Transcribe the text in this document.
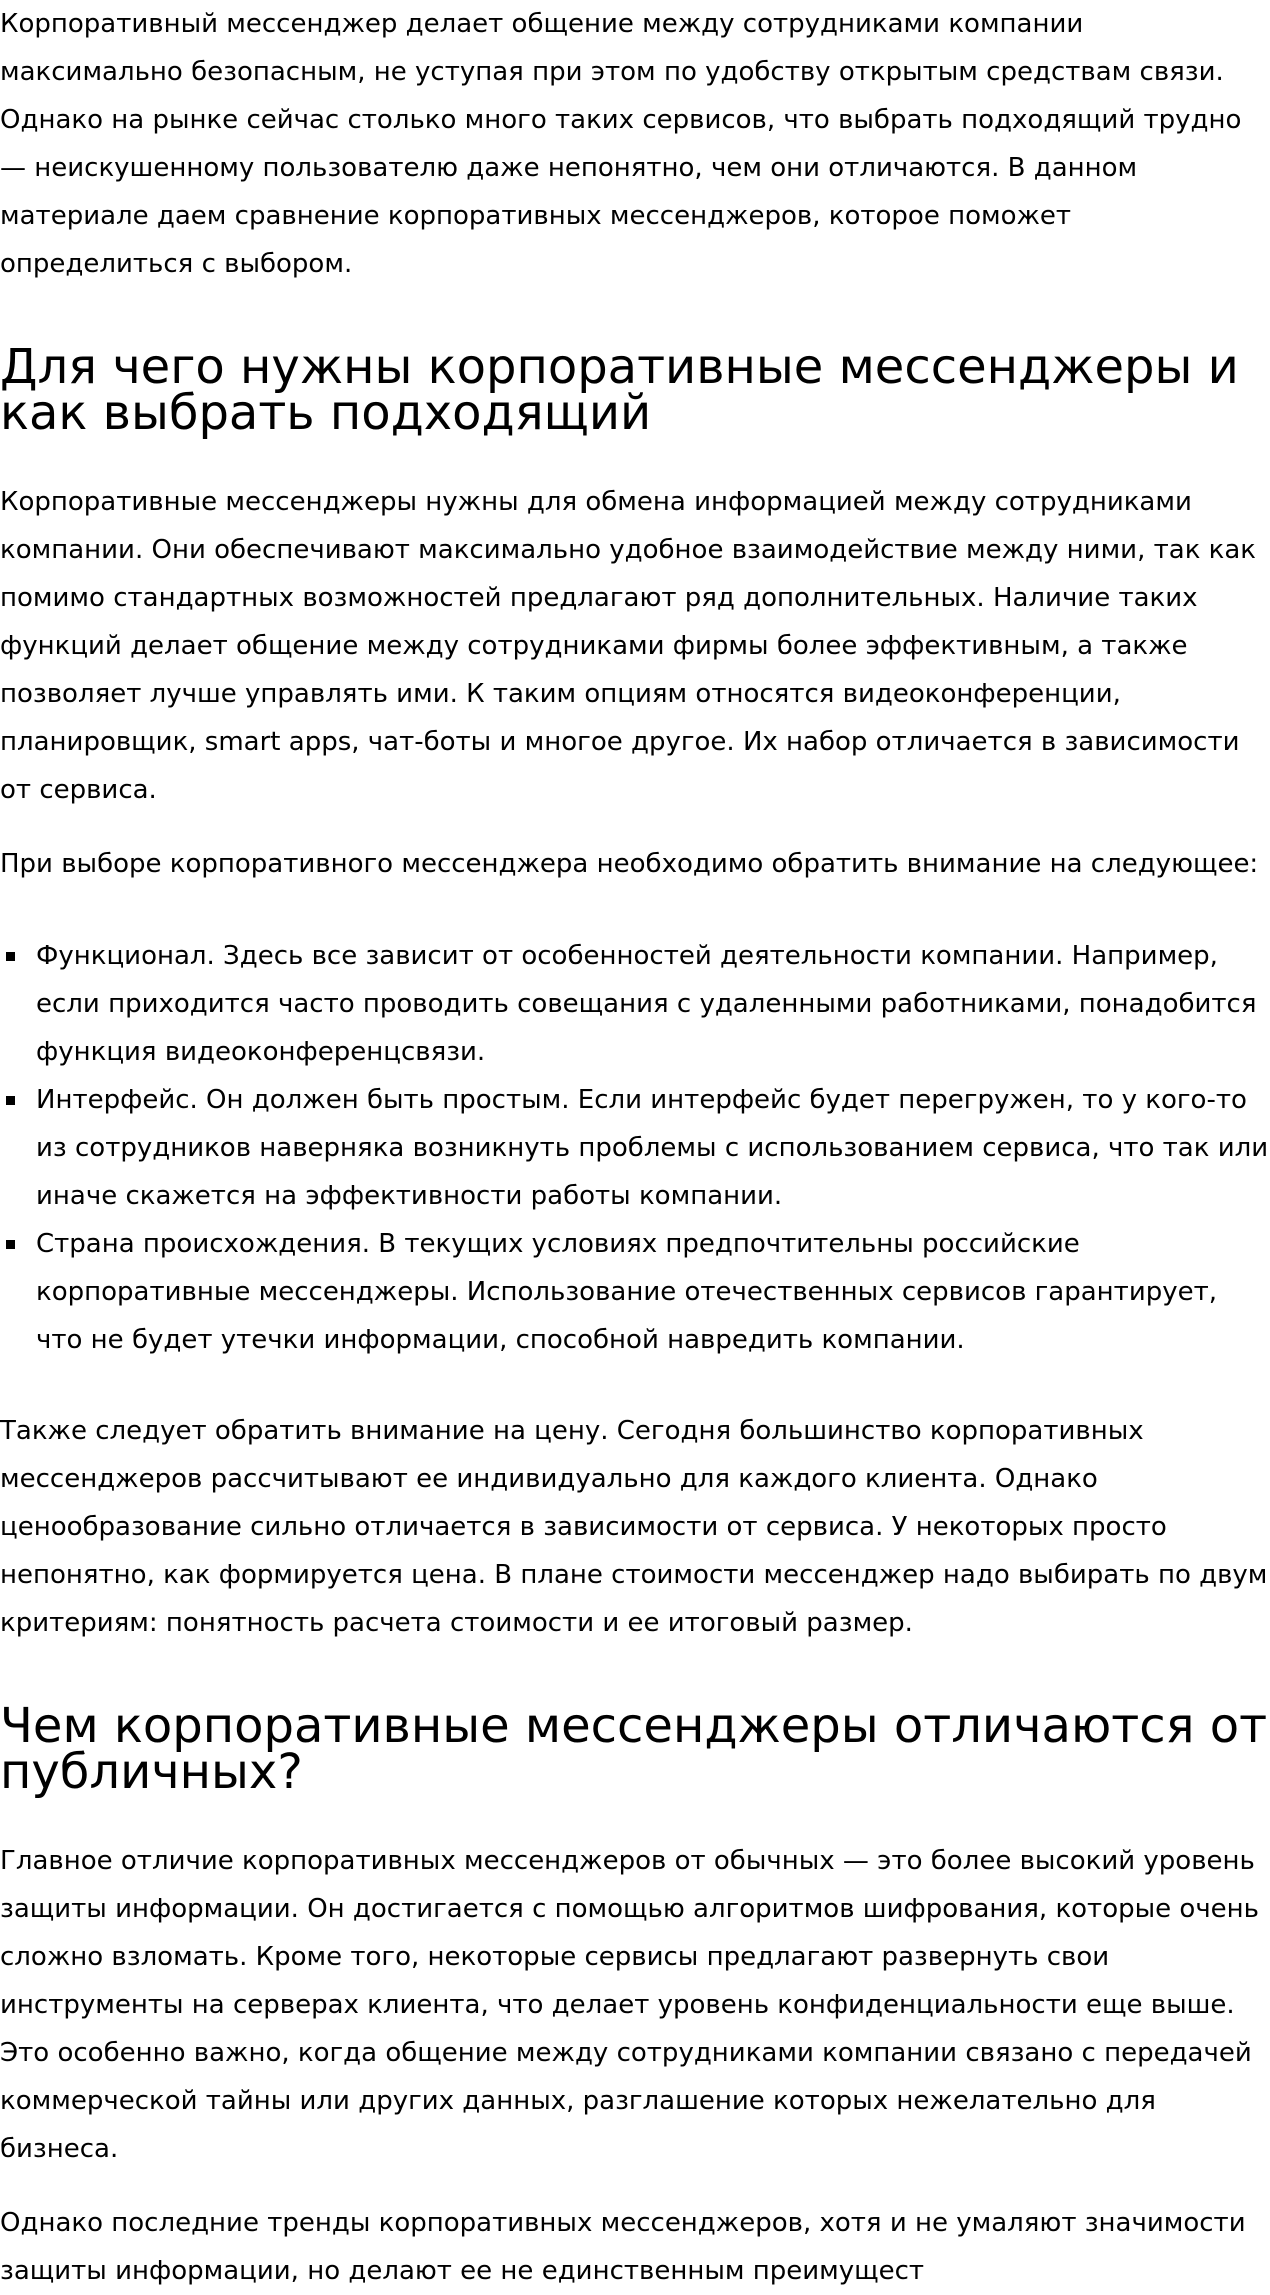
Корпоративный мессенджер делает общение между сотрудниками компании максимально безопасным, не уступая при этом по удобству открытым средствам связи. Однако на рынке сейчас столько много таких сервисов, что выбрать подходящий трудно — неискушенному пользователю даже непонятно, чем они отличаются. В данном материале даем сравнение корпоративных мессенджеров, которое поможет определиться с выбором.

Для чего нужны корпоративные мессенджеры и как выбрать подходящий

Корпоративные мессенджеры нужны для обмена информацией между сотрудниками компании. Они обеспечивают максимально удобное взаимодействие между ними, так как помимо стандартных возможностей предлагают ряд дополнительных. Наличие таких функций делает общение между сотрудниками фирмы более эффективным, а также позволяет лучше управлять ими. К таким опциям относятся видеоконференции, планировщик, smart apps, чат-боты и многое другое. Их набор отличается в зависимости от сервиса.

При выборе корпоративного мессенджера необходимо обратить внимание на следующее:

Функционал. Здесь все зависит от особенностей деятельности компании. Например, если приходится часто проводить совещания с удаленными работниками, понадобится функция видеоконференцсвязи.
Интерфейс. Он должен быть простым. Если интерфейс будет перегружен, то у кого-то из сотрудников наверняка возникнуть проблемы с использованием сервиса, что так или иначе скажется на эффективности работы компании.
Страна происхождения. В текущих условиях предпочтительны российские корпоративные мессенджеры. Использование отечественных сервисов гарантирует, что не будет утечки информации, способной навредить компании.

Также следует обратить внимание на цену. Сегодня большинство корпоративных мессенджеров рассчитывают ее индивидуально для каждого клиента. Однако ценообразование сильно отличается в зависимости от сервиса. У некоторых просто непонятно, как формируется цена. В плане стоимости мессенджер надо выбирать по двум критериям: понятность расчета стоимости и ее итоговый размер.

Чем корпоративные мессенджеры отличаются от публичных?

Главное отличие корпоративных мессенджеров от обычных — это более высокий уровень защиты информации. Он достигается с помощью алгоритмов шифрования, которые очень сложно взломать. Кроме того, некоторые сервисы предлагают развернуть свои инструменты на серверах клиента, что делает уровень конфиденциальности еще выше. Это особенно важно, когда общение между сотрудниками компании связано с передачей коммерческой тайны или других данных, разглашение которых нежелательно для бизнеса.

Однако последние тренды корпоративных мессенджеров, хотя и не умаляют значимости защиты информации, но делают ее не единственным преимущест
